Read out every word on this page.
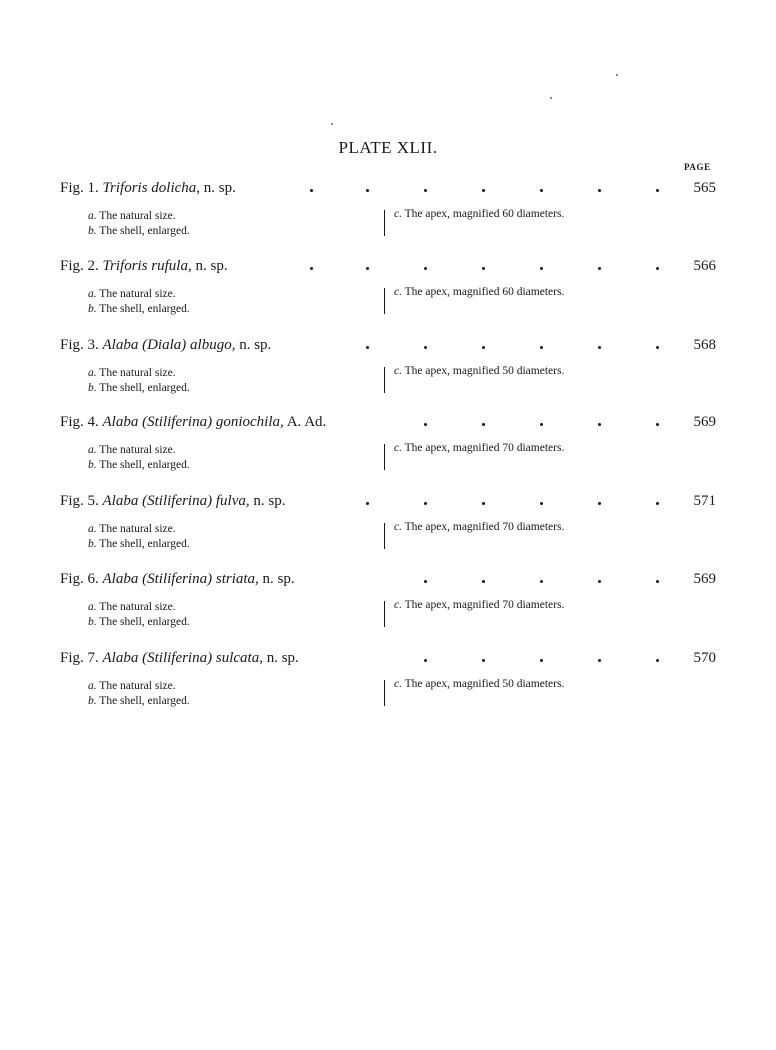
PLATE XLII.
PAGE
Fig. 1. Triforis dolicha, n. sp.	565
a. The natural size.
b. The shell, enlarged.
c. The apex, magnified 60 diameters.
Fig. 2. Triforis rufula, n. sp.	566
a. The natural size.
b. The shell, enlarged.
c. The apex, magnified 60 diameters.
Fig. 3. Alaba (Diala) albugo, n. sp.	568
a. The natural size.
b. The shell, enlarged.
c. The apex, magnified 50 diameters.
Fig. 4. Alaba (Stiliferina) goniochila, A. Ad.	569
a. The natural size.
b. The shell, enlarged.
c. The apex, magnified 70 diameters.
Fig. 5. Alaba (Stiliferina) fulva, n. sp.	571
a. The natural size.
b. The shell, enlarged.
c. The apex, magnified 70 diameters.
Fig. 6. Alaba (Stiliferina) striata, n. sp.	569
a. The natural size.
b. The shell, enlarged.
c. The apex, magnified 70 diameters.
Fig. 7. Alaba (Stiliferina) sulcata, n. sp.	570
a. The natural size.
b. The shell, enlarged.
c. The apex, magnified 50 diameters.
